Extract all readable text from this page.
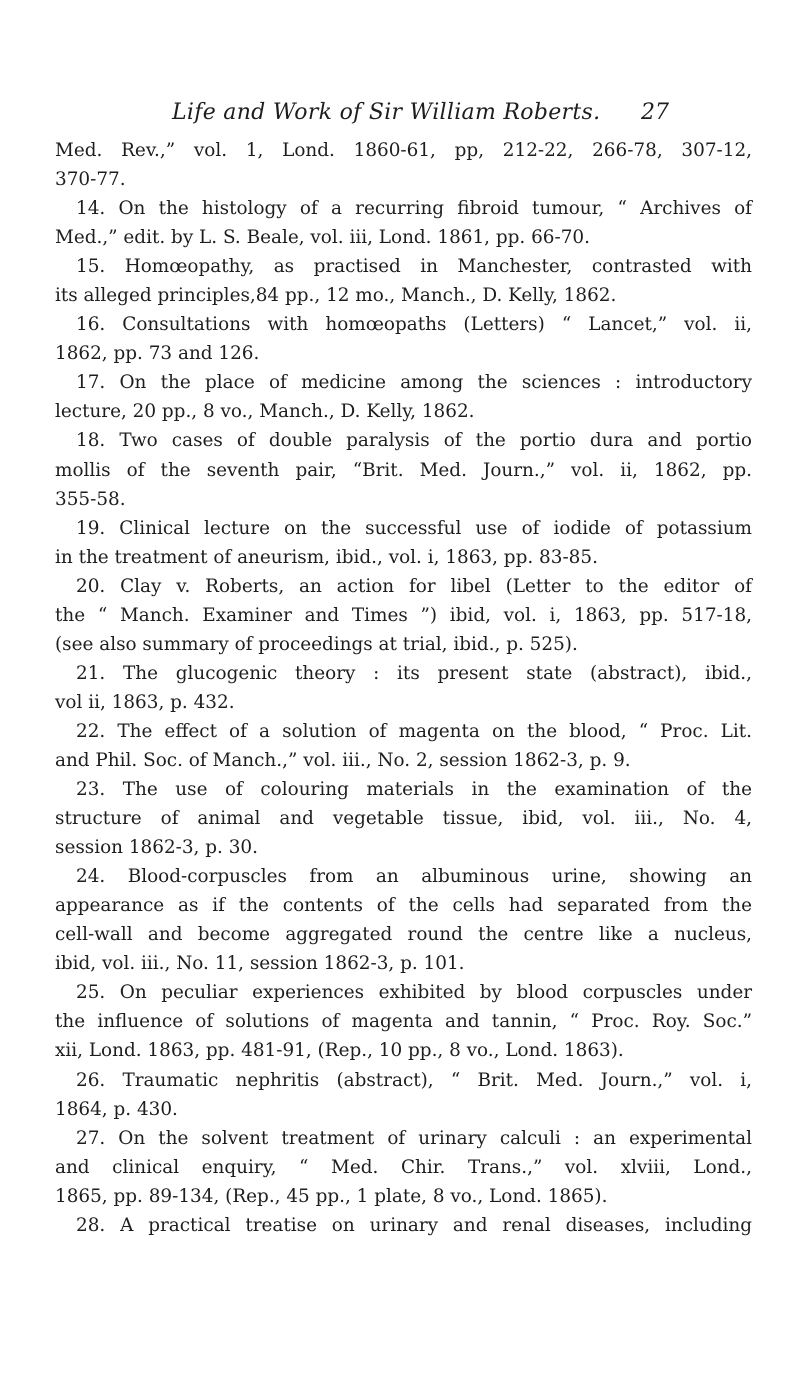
Life and Work of Sir William Roberts. 27
Med. Rev.,” vol. 1, Lond. 1860-61, pp, 212-22, 266-78, 307-12,
370-77.
14. On the histology of a recurring fibroid tumour, “ Archives of
Med.,” edit. by L. S. Beale, vol. iii, Lond. 1861, pp. 66-70.
15. Homœopathy, as practised in Manchester, contrasted with
its alleged principles,84 pp., 12 mo., Manch., D. Kelly, 1862.
16. Consultations with homœopaths (Letters) “ Lancet,” vol. ii,
1862, pp. 73 and 126.
17. On the place of medicine among the sciences : introductory
lecture, 20 pp., 8 vo., Manch., D. Kelly, 1862.
18. Two cases of double paralysis of the portio dura and portio
mollis of the seventh pair, “Brit. Med. Journ.,” vol. ii, 1862, pp.
355-58.
19. Clinical lecture on the successful use of iodide of potassium
in the treatment of aneurism, ibid., vol. i, 1863, pp. 83-85.
20. Clay v. Roberts, an action for libel (Letter to the editor of
the “ Manch. Examiner and Times ”) ibid, vol. i, 1863, pp. 517-18,
(see also summary of proceedings at trial, ibid., p. 525).
21. The glucogenic theory : its present state (abstract), ibid.,
vol ii, 1863, p. 432.
22. The effect of a solution of magenta on the blood, “ Proc. Lit.
and Phil. Soc. of Manch.,” vol. iii., No. 2, session 1862-3, p. 9.
23. The use of colouring materials in the examination of the
structure of animal and vegetable tissue, ibid, vol. iii., No. 4,
session 1862-3, p. 30.
24. Blood-corpuscles from an albuminous urine, showing an
appearance as if the contents of the cells had separated from the
cell-wall and become aggregated round the centre like a nucleus,
ibid, vol. iii., No. 11, session 1862-3, p. 101.
25. On peculiar experiences exhibited by blood corpuscles under
the influence of solutions of magenta and tannin, “ Proc. Roy. Soc.”
xii, Lond. 1863, pp. 481-91, (Rep., 10 pp., 8 vo., Lond. 1863).
26. Traumatic nephritis (abstract), “ Brit. Med. Journ.,” vol. i,
1864, p. 430.
27. On the solvent treatment of urinary calculi : an experimental
and clinical enquiry, “ Med. Chir. Trans.,” vol. xlviii, Lond.,
1865, pp. 89-134, (Rep., 45 pp., 1 plate, 8 vo., Lond. 1865).
28. A practical treatise on urinary and renal diseases, including
